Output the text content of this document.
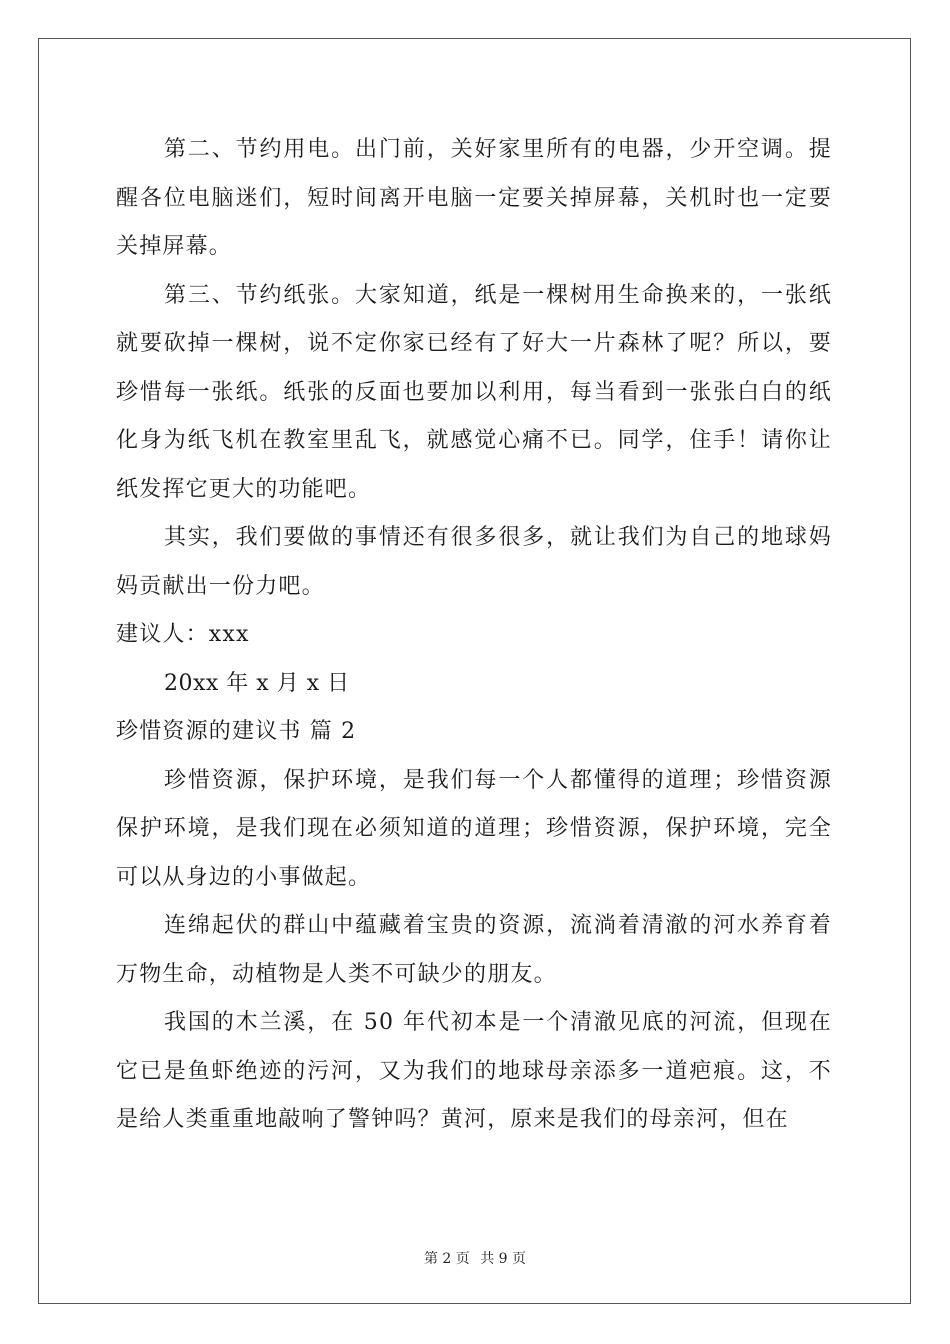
第二、节约用电。出门前，关好家里所有的电器，少开空调。提醒各位电脑迷们，短时间离开电脑一定要关掉屏幕，关机时也一定要关掉屏幕。

第三、节约纸张。大家知道，纸是一棵树用生命换来的，一张纸就要砍掉一棵树，说不定你家已经有了好大一片森林了呢？所以，要珍惜每一张纸。纸张的反面也要加以利用，每当看到一张张白白的纸化身为纸飞机在教室里乱飞，就感觉心痛不已。同学，住手！请你让纸发挥它更大的功能吧。

其实，我们要做的事情还有很多很多，就让我们为自己的地球妈妈贡献出一份力吧。

建议人：xxx

20xx 年 x 月 x 日

珍惜资源的建议书 篇 2

珍惜资源，保护环境，是我们每一个人都懂得的道理；珍惜资源保护环境，是我们现在必须知道的道理；珍惜资源，保护环境，完全可以从身边的小事做起。

连绵起伏的群山中蕴藏着宝贵的资源，流淌着清澈的河水养育着万物生命，动植物是人类不可缺少的朋友。

我国的木兰溪，在 50 年代初本是一个清澈见底的河流，但现在它已是鱼虾绝迹的污河，又为我们的地球母亲添多一道疤痕。这，不是给人类重重地敲响了警钟吗？黄河，原来是我们的母亲河，但在

第 2 页 共 9 页
